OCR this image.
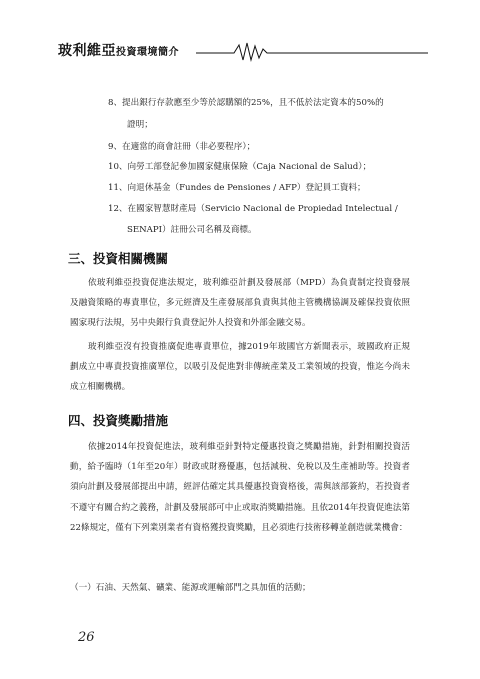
玻利維亞投資環境簡介
8、提出銀行存款應至少等於認購額的25%，且不低於法定資本的50%的
證明；
9、在適當的商會註冊（非必要程序）；
10、向勞工部登記參加國家健康保險（Caja Nacional de Salud）；
11、向退休基金（Fundes de Pensiones / AFP）登記員工資料；
12、在國家智慧財產局（Servicio Nacional de Propiedad Intelectual /
SENAPI）註冊公司名稱及商標。
三、投資相關機關
依玻利維亞投資促進法規定，玻利維亞計劃及發展部（MPD）為負責制定投資發展及融資策略的專責單位，多元經濟及生產發展部負責與其他主管機構協調及確保投資依照國家現行法規，另中央銀行負責登記外人投資和外部金融交易。
玻利維亞沒有投資推廣促進專責單位，據2019年玻國官方新聞表示，玻國政府正規劃成立中專責投資推廣單位，以吸引及促進對非傳統產業及工業領域的投資，惟迄今尚未成立相關機構。
四、投資獎勵措施
依據2014年投資促進法，玻利維亞針對特定優惠投資之獎勵措施，針對相關投資活動，給予臨時（1年至20年）財政或財務優惠，包括減稅、免稅以及生產補助等。投資者須向計劃及發展部提出申請，經評估確定其具優惠投資資格後，需與該部簽約，若投資者不遵守有關合約之義務，計劃及發展部可中止或取消獎勵措施。且依2014年投資促進法第22條規定，僅有下列業別業者有資格獲投資獎勵，且必須進行技術移轉並創造就業機會：
（一）石油、天然氣、礦業、能源或運輸部門之具加值的活動；
26
